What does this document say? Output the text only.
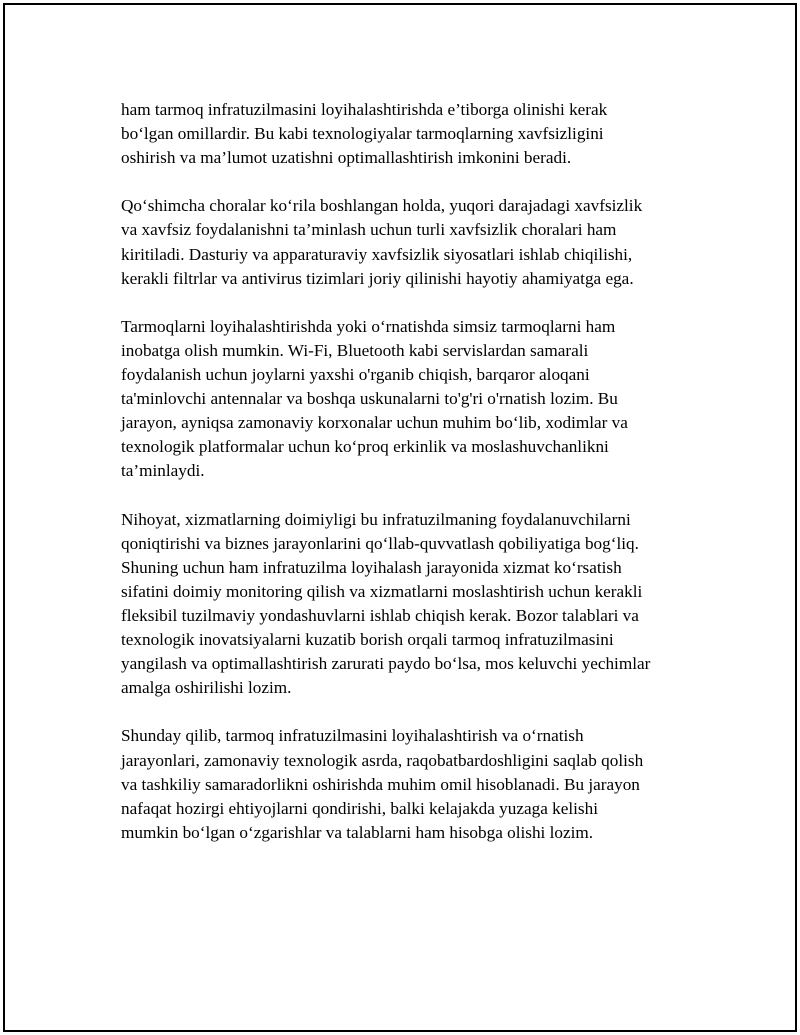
ham tarmoq infratuzilmasini loyihalashtirishda e’tiborga olinishi kerak
bo‘lgan omillardir. Bu kabi texnologiyalar tarmoqlarning xavfsizligini
oshirish va ma’lumot uzatishni optimallashtirish imkonini beradi.

Qo‘shimcha choralar ko‘rila boshlangan holda, yuqori darajadagi xavfsizlik
va xavfsiz foydalanishni ta’minlash uchun turli xavfsizlik choralari ham
kiritiladi. Dasturiy va apparaturaviy xavfsizlik siyosatlari ishlab chiqilishi,
kerakli filtrlar va antivirus tizimlari joriy qilinishi hayotiy ahamiyatga ega.

Tarmoqlarni loyihalashtirishda yoki o‘rnatishda simsiz tarmoqlarni ham
inobatga olish mumkin. Wi-Fi, Bluetooth kabi servislardan samarali
foydalanish uchun joylarni yaxshi o'rganib chiqish, barqaror aloqani
ta'minlovchi antennalar va boshqa uskunalarni to'g'ri o'rnatish lozim. Bu
jarayon, ayniqsa zamonaviy korxonalar uchun muhim bo‘lib, xodimlar va
texnologik platformalar uchun ko‘proq erkinlik va moslashuvchanlikni
ta’minlaydi.

Nihoyat, xizmatlarning doimiyligi bu infratuzilmaning foydalanuvchilarni
qoniqtirishi va biznes jarayonlarini qo‘llab-quvvatlash qobiliyatiga bog‘liq.
Shuning uchun ham infratuzilma loyihalash jarayonida xizmat ko‘rsatish
sifatini doimiy monitoring qilish va xizmatlarni moslashtirish uchun kerakli
fleksibil tuzilmaviy yondashuvlarni ishlab chiqish kerak. Bozor talablari va
texnologik inovatsiyalarni kuzatib borish orqali tarmoq infratuzilmasini
yangilash va optimallashtirish zarurati paydo bo‘lsa, mos keluvchi yechimlar
amalga oshirilishi lozim.

Shunday qilib, tarmoq infratuzilmasini loyihalashtirish va o‘rnatish
jarayonlari, zamonaviy texnologik asrda, raqobatbardoshligini saqlab qolish
va tashkiliy samaradorlikni oshirishda muhim omil hisoblanadi. Bu jarayon
nafaqat hozirgi ehtiyojlarni qondirishi, balki kelajakda yuzaga kelishi
mumkin bo‘lgan o‘zgarishlar va talablarni ham hisobga olishi lozim.
